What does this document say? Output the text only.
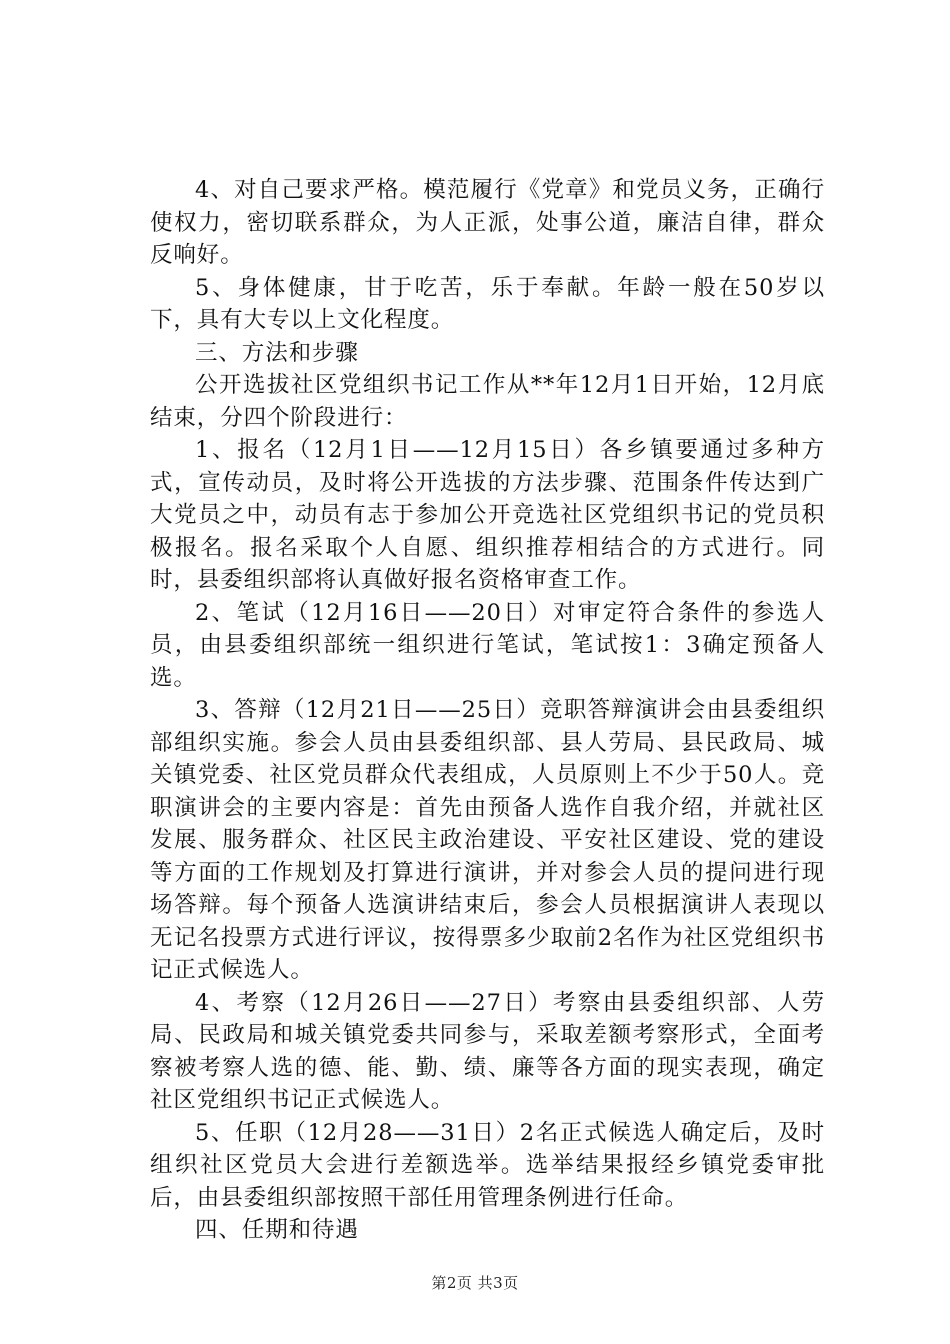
4、对自己要求严格。模范履行《党章》和党员义务，正确行使权力，密切联系群众，为人正派，处事公道，廉洁自律，群众反响好。

5、身体健康，甘于吃苦，乐于奉献。年龄一般在50岁以下，具有大专以上文化程度。

三、方法和步骤

公开选拔社区党组织书记工作从**年12月1日开始，12月底结束，分四个阶段进行：

1、报名（12月1日——12月15日）各乡镇要通过多种方式，宣传动员，及时将公开选拔的方法步骤、范围条件传达到广大党员之中，动员有志于参加公开竞选社区党组织书记的党员积极报名。报名采取个人自愿、组织推荐相结合的方式进行。同时，县委组织部将认真做好报名资格审查工作。

2、笔试（12月16日——20日）对审定符合条件的参选人员，由县委组织部统一组织进行笔试，笔试按1：3确定预备人选。

3、答辩（12月21日——25日）竞职答辩演讲会由县委组织部组织实施。参会人员由县委组织部、县人劳局、县民政局、城关镇党委、社区党员群众代表组成，人员原则上不少于50人。竞职演讲会的主要内容是：首先由预备人选作自我介绍，并就社区发展、服务群众、社区民主政治建设、平安社区建设、党的建设等方面的工作规划及打算进行演讲，并对参会人员的提问进行现场答辩。每个预备人选演讲结束后，参会人员根据演讲人表现以无记名投票方式进行评议，按得票多少取前2名作为社区党组织书记正式候选人。

4、考察（12月26日——27日）考察由县委组织部、人劳局、民政局和城关镇党委共同参与，采取差额考察形式，全面考察被考察人选的德、能、勤、绩、廉等各方面的现实表现，确定社区党组织书记正式候选人。

5、任职（12月28——31日）2名正式候选人确定后，及时组织社区党员大会进行差额选举。选举结果报经乡镇党委审批后，由县委组织部按照干部任用管理条例进行任命。

四、任期和待遇

第2页 共3页
